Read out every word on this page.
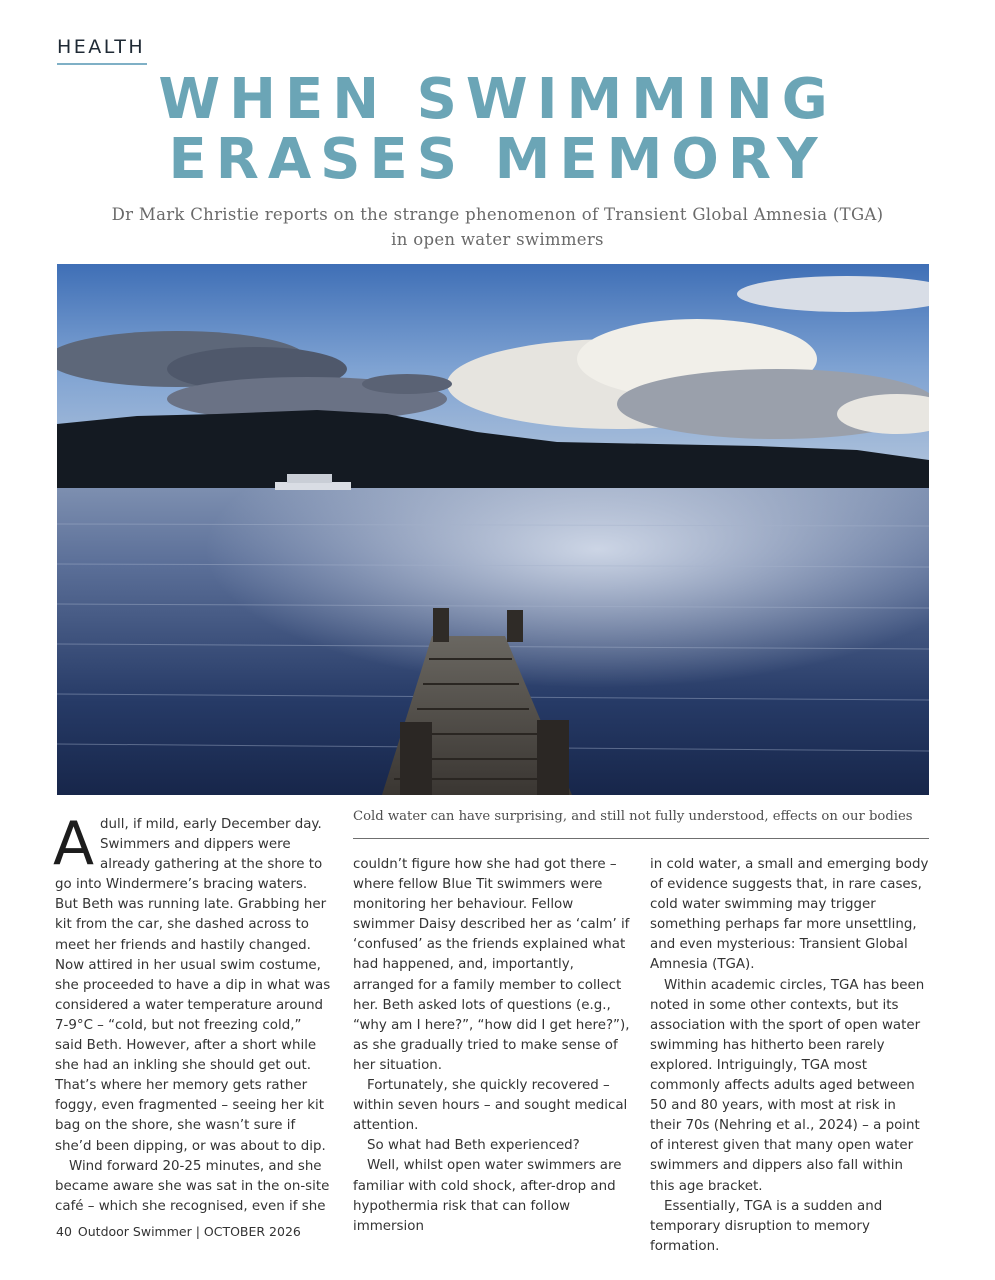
HEALTH
WHEN SWIMMING
ERASES MEMORY
Dr Mark Christie reports on the strange phenomenon of Transient Global Amnesia (TGA)
in open water swimmers
Cold water can have surprising, and still not fully understood, effects on our bodies

A dull, if mild, early December day. Swimmers and dippers were already gathering at the shore to go into Windermere’s bracing waters. But Beth was running late. Grabbing her kit from the car, she dashed across to meet her friends and hastily changed. Now attired in her usual swim costume, she proceeded to have a dip in what was considered a water temperature around 7-9°C – “cold, but not freezing cold,” said Beth. However, after a short while she had an inkling she should get out. That’s where her memory gets rather foggy, even fragmented – seeing her kit bag on the shore, she wasn’t sure if she’d been dipping, or was about to dip.

Wind forward 20-25 minutes, and she became aware she was sat in the on-site café – which she recognised, even if she

couldn’t figure how she had got there – where fellow Blue Tit swimmers were monitoring her behaviour. Fellow swimmer Daisy described her as ‘calm’ if ‘confused’ as the friends explained what had happened, and, importantly, arranged for a family member to collect her. Beth asked lots of questions (e.g., “why am I here?”, “how did I get here?”), as she gradually tried to make sense of her situation.

Fortunately, she quickly recovered – within seven hours – and sought medical attention.

So what had Beth experienced?

Well, whilst open water swimmers are familiar with cold shock, after-drop and hypothermia risk that can follow immersion

in cold water, a small and emerging body of evidence suggests that, in rare cases, cold water swimming may trigger something perhaps far more unsettling, and even mysterious: Transient Global Amnesia (TGA).

Within academic circles, TGA has been noted in some other contexts, but its association with the sport of open water swimming has hitherto been rarely explored. Intriguingly, TGA most commonly affects adults aged between 50 and 80 years, with most at risk in their 70s (Nehring et al., 2024) – a point of interest given that many open water swimmers and dippers also fall within this age bracket.

Essentially, TGA is a sudden and temporary disruption to memory formation.

40 Outdoor Swimmer | OCTOBER 2026
